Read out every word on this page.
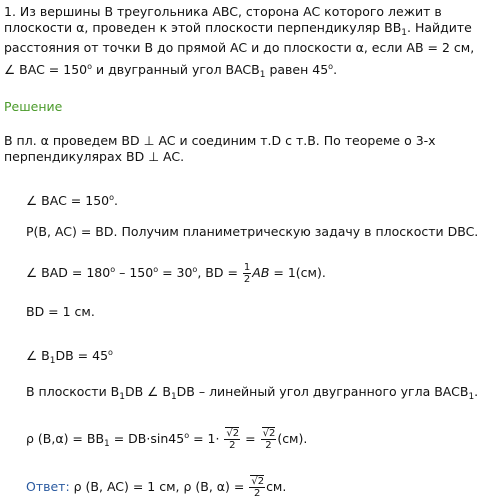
1. Из вершины B треугольника ABC, сторона AC которого лежит в
плоскости α, проведен к этой плоскости перпендикуляр $BB_1$. Найдите
расстояния от точки B до прямой AC и до плоскости α, если AB = 2 см,
∠ BAC = $150^o$ и двугранный угол $BACB_1$ равен 45$^o$.
Решение
В пл. α проведем BD ⊥ AC и соединим т.D с т.B. По теореме о 3-х
перпендикулярах BD ⊥ AC.
∠ BAC = $150^o$.
P(B, AC) = BD. Получим планиметрическую задачу в плоскости DBC.
∠ BAD = $180^o - 150^o = 30^o$, BD = $\frac{1}{2}$ AB = 1(см).
BD = 1 см.
∠ $B_1DB = 45^o$
В плоскости $B_1DB$ ∠ $B_1DB$ – линейный угол двугранного угла $BACB_1$.
ρ $(B,\alpha) = BB_1 = DB\cdot\sin 45^o = 1\cdot \frac{√2}{2} = \frac{√2}{2} (см)$.
Ответ: ρ (B, AC) = 1 см, ρ (B, $\alpha) = \frac{√2}{2}$ см.
